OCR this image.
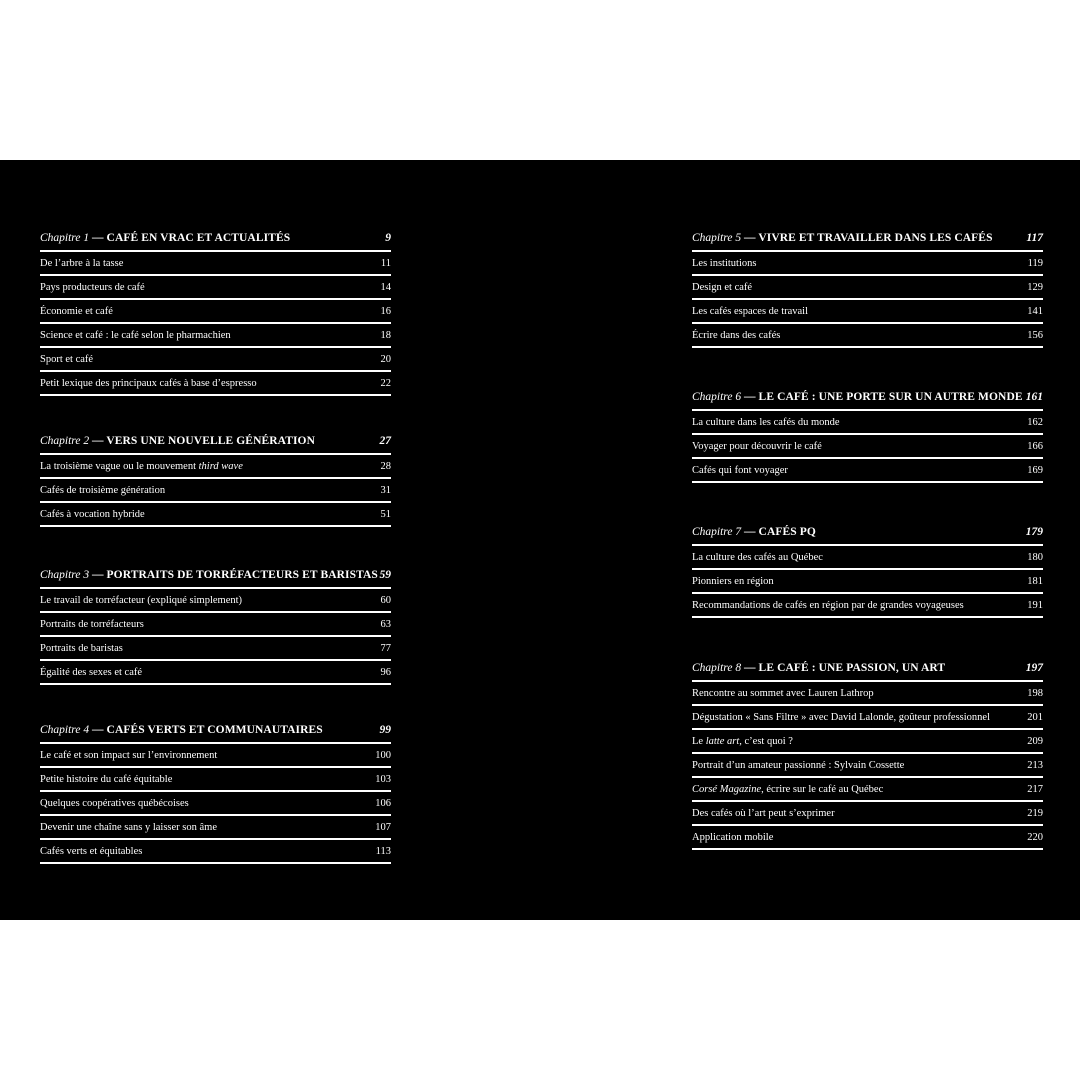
Chapitre 1 — CAFÉ EN VRAC ET ACTUALITÉS	9
De l’arbre à la tasse	11
Pays producteurs de café	14
Économie et café	16
Science et café : le café selon le pharmachien	18
Sport et café	20
Petit lexique des principaux cafés à base d’espresso	22
Chapitre 2 — VERS UNE NOUVELLE GÉNÉRATION	27
La troisième vague ou le mouvement third wave	28
Cafés de troisième génération	31
Cafés à vocation hybride	51
Chapitre 3 — PORTRAITS DE TORRÉFACTEURS ET BARISTAS 59
Le travail de torréfacteur (expliqué simplement)	60
Portraits de torréfacteurs	63
Portraits de baristas	77
Égalité des sexes et café	96
Chapitre 4 — CAFÉS VERTS ET COMMUNAUTAIRES	99
Le café et son impact sur l’environnement	100
Petite histoire du café équitable	103
Quelques coopératives québécoises	106
Devenir une chaîne sans y laisser son âme	107
Cafés verts et équitables	113
Chapitre 5 — VIVRE ET TRAVAILLER DANS LES CAFÉS	117
Les institutions	119
Design et café	129
Les cafés espaces de travail	141
Écrire dans des cafés	156
Chapitre 6 — LE CAFÉ : UNE PORTE SUR UN AUTRE MONDE 161
La culture dans les cafés du monde	162
Voyager pour découvrir le café	166
Cafés qui font voyager	169
Chapitre 7 — CAFÉS PQ	179
La culture des cafés au Québec	180
Pionniers en région	181
Recommandations de cafés en région par de grandes voyageuses	191
Chapitre 8 — LE CAFÉ : UNE PASSION, UN ART	197
Rencontre au sommet avec Lauren Lathrop	198
Dégustation « Sans Filtre » avec David Lalonde, goûteur professionnel	201
Le latte art, c’est quoi ?	209
Portrait d’un amateur passionné : Sylvain Cossette	213
Corsé Magazine, écrire sur le café au Québec	217
Des cafés où l’art peut s’exprimer	219
Application mobile	220
